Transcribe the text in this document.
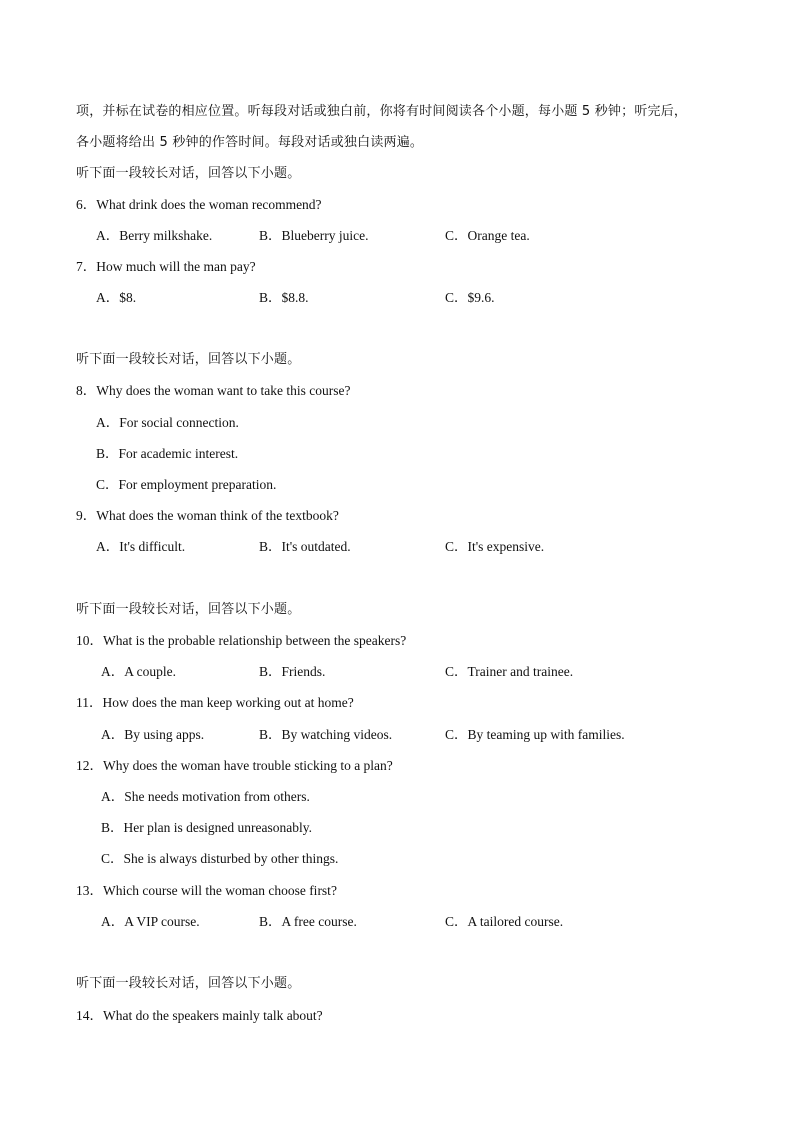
项，并标在试卷的相应位置。听每段对话或独白前，你将有时间阅读各个小题，每小题 5 秒钟；听完后，
各小题将给出 5 秒钟的作答时间。每段对话或独白读两遍。
听下面一段较长对话，回答以下小题。
6．What drink does the woman recommend?
A．Berry milkshake.	B．Blueberry juice.	C．Orange tea.
7．How much will the man pay?
A．$8.	B．$8.8.	C．$9.6.
听下面一段较长对话，回答以下小题。
8．Why does the woman want to take this course?
A．For social connection.
B．For academic interest.
C．For employment preparation.
9．What does the woman think of the textbook?
A．It's difficult.	B．It's outdated.	C．It's expensive.
听下面一段较长对话，回答以下小题。
10．What is the probable relationship between the speakers?
A．A couple.	B．Friends.	C．Trainer and trainee.
11．How does the man keep working out at home?
A．By using apps.	B．By watching videos.	C．By teaming up with families.
12．Why does the woman have trouble sticking to a plan?
A．She needs motivation from others.
B．Her plan is designed unreasonably.
C．She is always disturbed by other things.
13．Which course will the woman choose first?
A．A VIP course.	B．A free course.	C．A tailored course.
听下面一段较长对话，回答以下小题。
14．What do the speakers mainly talk about?
